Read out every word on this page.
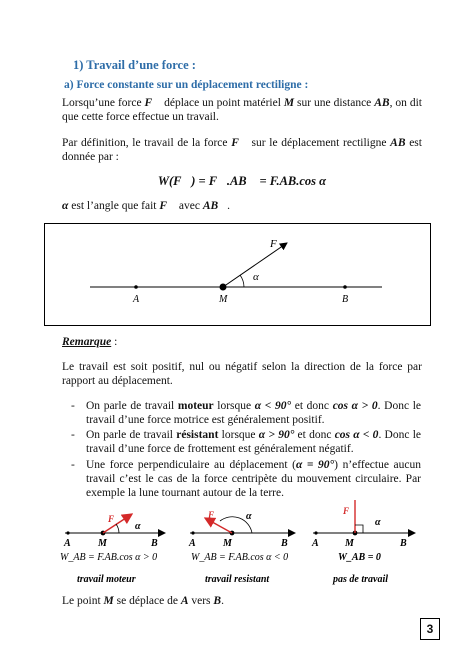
1) Travail d’une force :
a) Force constante sur un déplacement rectiligne :
Lorsqu’une force F⃗ déplace un point matériel M sur une distance AB, on dit que cette force effectue un travail.
Par définition, le travail de la force F⃗ sur le déplacement rectiligne AB est donnée par :
W(F⃗) = F⃗.AB⃗ = F.AB.cos α
α est l’angle que fait F⃗ avec AB⃗.
F⃗
α
A	M	B
Remarque :
Le travail est soit positif, nul ou négatif selon la direction de la force par rapport au déplacement.
- On parle de travail moteur lorsque α < 90° et donc cos α > 0. Donc le travail d’une force motrice est généralement positif.
- On parle de travail résistant lorsque α > 90° et donc cos α < 0. Donc le travail d’une force de frottement est généralement négatif.
- Une force perpendiculaire au déplacement (α = 90°) n’effectue aucun travail c’est le cas de la force centripète du mouvement circulaire. Par exemple la lune tournant autour de la terre.
F⃗
α
A	M	B
W_AB = F.AB.cos α > 0
travail moteur
F⃗ α
A	M	B
W_AB = F.AB.cos α < 0
travail resistant
F⃗
α
A	M	B
W_AB = 0
pas de travail
Le point M se déplace de A vers B.
3
